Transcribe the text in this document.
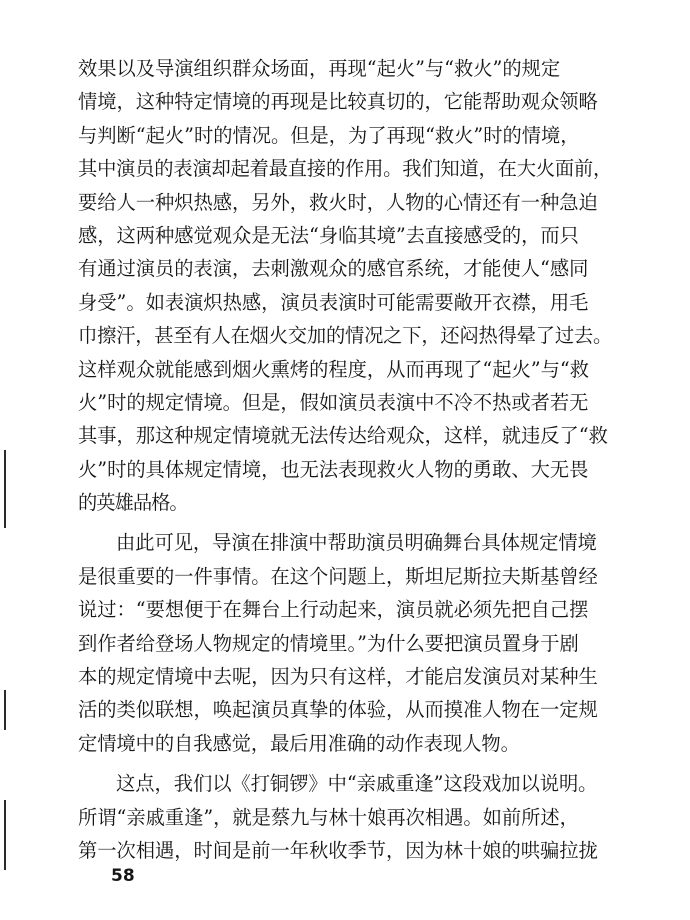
效果以及导演组织群众场面，再现“起火”与“救火”的规定
情境，这种特定情境的再现是比较真切的，它能帮助观众领略
与判断“起火”时的情况。但是，为了再现“救火”时的情境，
其中演员的表演却起着最直接的作用。我们知道，在大火面前，
要给人一种炽热感，另外，救火时，人物的心情还有一种急迫
感，这两种感觉观众是无法“身临其境”去直接感受的，而只
有通过演员的表演，去刺激观众的感官系统，才能使人“感同
身受”。如表演炽热感，演员表演时可能需要敞开衣襟，用毛
巾擦汗，甚至有人在烟火交加的情况之下，还闷热得晕了过去。
这样观众就能感到烟火熏烤的程度，从而再现了“起火”与“救
火”时的规定情境。但是，假如演员表演中不冷不热或者若无
其事，那这种规定情境就无法传达给观众，这样，就违反了“救
火”时的具体规定情境，也无法表现救火人物的勇敢、大无畏
的英雄品格。
由此可见，导演在排演中帮助演员明确舞台具体规定情境
是很重要的一件事情。在这个问题上，斯坦尼斯拉夫斯基曾经
说过：“要想便于在舞台上行动起来，演员就必须先把自己摆
到作者给登场人物规定的情境里。”为什么要把演员置身于剧
本的规定情境中去呢，因为只有这样，才能启发演员对某种生
活的类似联想，唤起演员真挚的体验，从而摸准人物在一定规
定情境中的自我感觉，最后用准确的动作表现人物。
这点，我们以《打铜锣》中“亲戚重逢”这段戏加以说明。
所谓“亲戚重逢”，就是蔡九与林十娘再次相遇。如前所述，
第一次相遇，时间是前一年秋收季节，因为林十娘的哄骗拉拢
58
